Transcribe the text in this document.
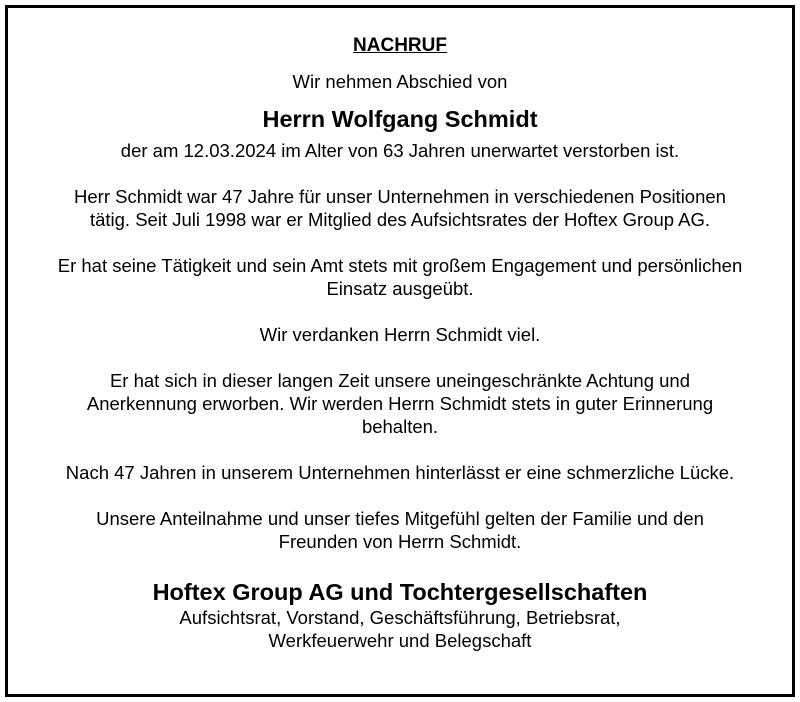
NACHRUF

Wir nehmen Abschied von

Herrn Wolfgang Schmidt

der am 12.03.2024 im Alter von 63 Jahren unerwartet verstorben ist.

Herr Schmidt war 47 Jahre für unser Unternehmen in verschiedenen Positionen
tätig. Seit Juli 1998 war er Mitglied des Aufsichtsrates der Hoftex Group AG.
Er hat seine Tätigkeit und sein Amt stets mit großem Engagement und persönlichen
Einsatz ausgeübt.
Wir verdanken Herrn Schmidt viel.
Er hat sich in dieser langen Zeit unsere uneingeschränkte Achtung und
Anerkennung erworben. Wir werden Herrn Schmidt stets in guter Erinnerung
behalten.
Nach 47 Jahren in unserem Unternehmen hinterlässt er eine schmerzliche Lücke.
Unsere Anteilnahme und unser tiefes Mitgefühl gelten der Familie und den
Freunden von Herrn Schmidt.

Hoftex Group AG und Tochtergesellschaften

Aufsichtsrat, Vorstand, Geschäftsführung, Betriebsrat,
Werkfeuerwehr und Belegschaft
